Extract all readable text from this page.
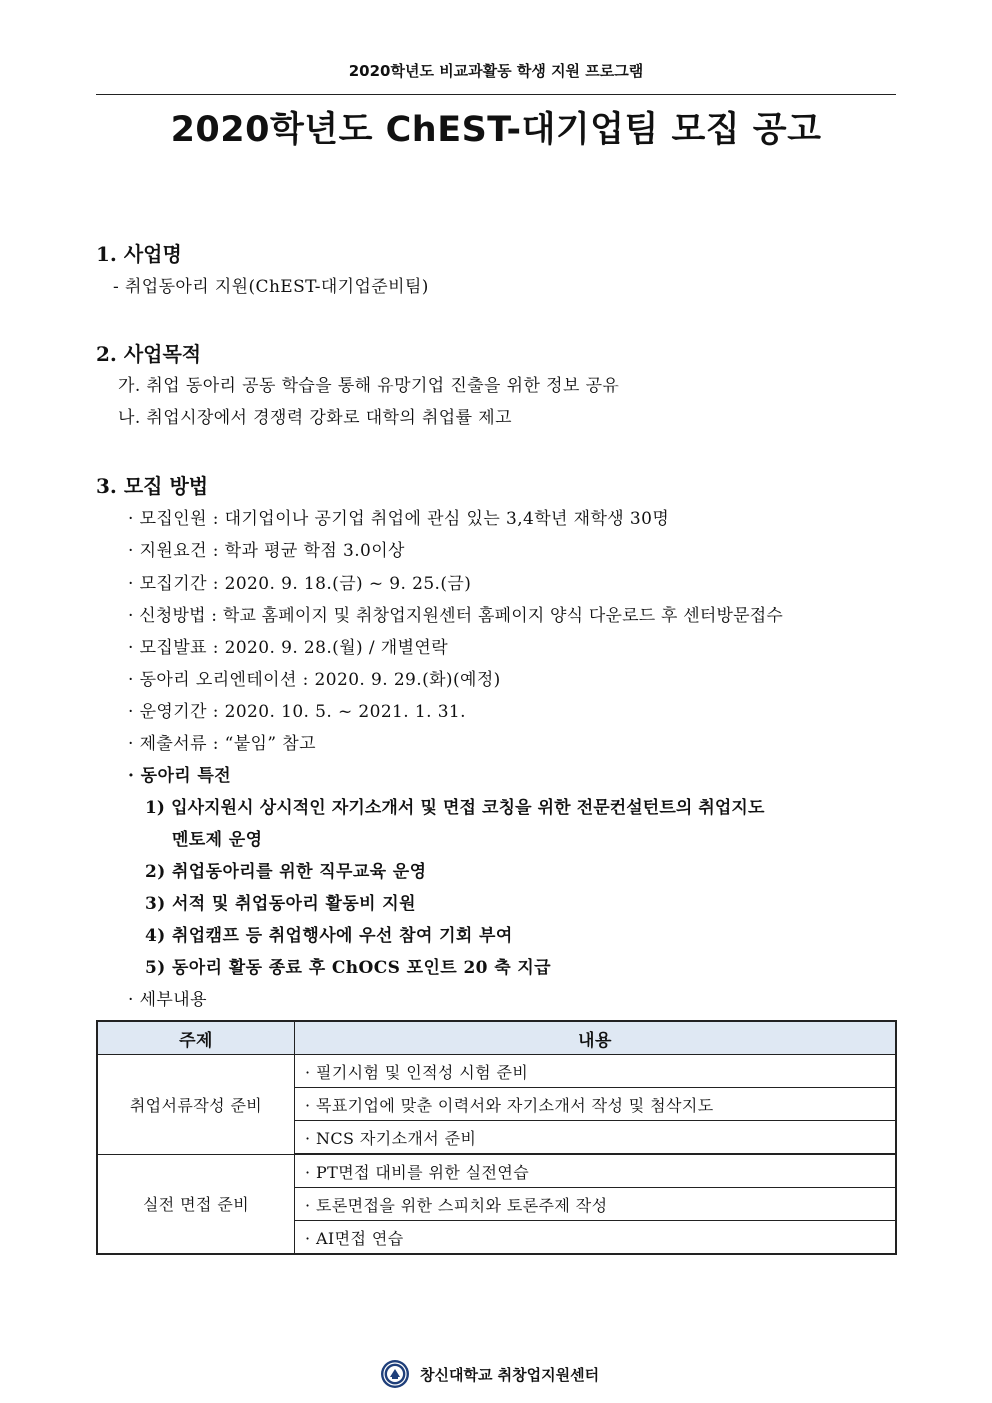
2020학년도 비교과활동 학생 지원 프로그램
2020학년도 ChEST-대기업팀 모집 공고
1. 사업명
- 취업동아리 지원(ChEST-대기업준비팀)
2. 사업목적
가. 취업 동아리 공동 학습을 통해 유망기업 진출을 위한 정보 공유
나. 취업시장에서 경쟁력 강화로 대학의 취업률 제고
3. 모집 방법
· 모집인원 : 대기업이나 공기업 취업에 관심 있는 3,4학년 재학생 30명
· 지원요건 : 학과 평균 학점 3.0이상
· 모집기간 : 2020. 9. 18.(금) ~ 9. 25.(금)
· 신청방법 : 학교 홈페이지 및 취창업지원센터 홈페이지 양식 다운로드 후 센터방문접수
· 모집발표 : 2020. 9. 28.(월) / 개별연락
· 동아리 오리엔테이션 : 2020. 9. 29.(화)(예정)
· 운영기간 : 2020. 10. 5. ~ 2021. 1. 31.
· 제출서류 : “붙임” 참고
· 동아리 특전
1) 입사지원시 상시적인 자기소개서 및 면접 코칭을 위한 전문컨설턴트의 취업지도
멘토제 운영
2) 취업동아리를 위한 직무교육 운영
3) 서적 및 취업동아리 활동비 지원
4) 취업캠프 등 취업행사에 우선 참여 기회 부여
5) 동아리 활동 종료 후 ChOCS 포인트 20 축 지급
· 세부내용
주제	내용
취업서류작성 준비	· 필기시험 및 인적성 시험 준비
	· 목표기업에 맞춘 이력서와 자기소개서 작성 및 첨삭지도
	· NCS 자기소개서 준비
실전 면접 준비	· PT면접 대비를 위한 실전연습
	· 토론면접을 위한 스피치와 토론주제 작성
	· AI면접 연습
창신대학교 취창업지원센터
